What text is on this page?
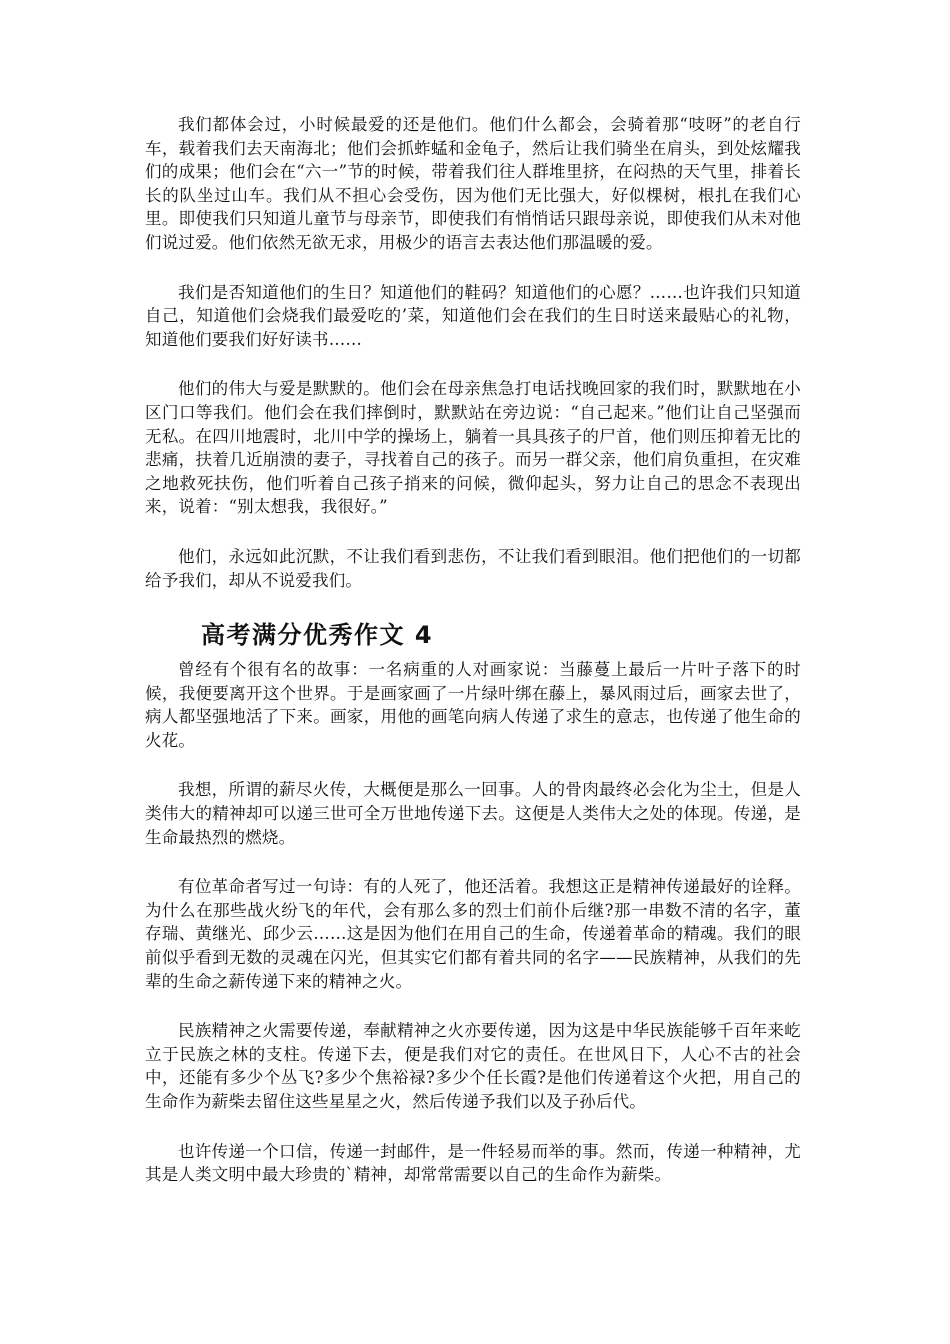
我们都体会过，小时候最爱的还是他们。他们什么都会，会骑着那“吱呀”的老自行车，载着我们去天南海北；他们会抓蚱蜢和金龟子，然后让我们骑坐在肩头，到处炫耀我们的成果；他们会在“六一”节的时候，带着我们往人群堆里挤，在闷热的天气里，排着长长的队坐过山车。我们从不担心会受伤，因为他们无比强大，好似棵树，根扎在我们心里。即使我们只知道儿童节与母亲节，即使我们有悄悄话只跟母亲说，即使我们从未对他们说过爱。他们依然无欲无求，用极少的语言去表达他们那温暖的爱。

我们是否知道他们的生日？知道他们的鞋码？知道他们的心愿？……也许我们只知道自己，知道他们会烧我们最爱吃的’菜，知道他们会在我们的生日时送来最贴心的礼物，知道他们要我们好好读书……

他们的伟大与爱是默默的。他们会在母亲焦急打电话找晚回家的我们时，默默地在小区门口等我们。他们会在我们摔倒时，默默站在旁边说：“自己起来。”他们让自己坚强而无私。在四川地震时，北川中学的操场上，躺着一具具孩子的尸首，他们则压抑着无比的悲痛，扶着几近崩溃的妻子，寻找着自己的孩子。而另一群父亲，他们肩负重担，在灾难之地救死扶伤，他们听着自己孩子捎来的问候，微仰起头，努力让自己的思念不表现出来，说着：“别太想我，我很好。”

他们，永远如此沉默，不让我们看到悲伤，不让我们看到眼泪。他们把他们的一切都给予我们，却从不说爱我们。

高考满分优秀作文 4

曾经有个很有名的故事：一名病重的人对画家说：当藤蔓上最后一片叶子落下的时候，我便要离开这个世界。于是画家画了一片绿叶绑在藤上，暴风雨过后，画家去世了，病人都坚强地活了下来。画家，用他的画笔向病人传递了求生的意志，也传递了他生命的火花。

我想，所谓的薪尽火传，大概便是那么一回事。人的骨肉最终必会化为尘土，但是人类伟大的精神却可以递三世可全万世地传递下去。这便是人类伟大之处的体现。传递，是生命最热烈的燃烧。

有位革命者写过一句诗：有的人死了，他还活着。我想这正是精神传递最好的诠释。为什么在那些战火纷飞的年代，会有那么多的烈士们前仆后继?那一串数不清的名字，董存瑞、黄继光、邱少云……这是因为他们在用自己的生命，传递着革命的精魂。我们的眼前似乎看到无数的灵魂在闪光，但其实它们都有着共同的名字——民族精神，从我们的先辈的生命之薪传递下来的精神之火。

民族精神之火需要传递，奉献精神之火亦要传递，因为这是中华民族能够千百年来屹立于民族之林的支柱。传递下去，便是我们对它的责任。在世风日下，人心不古的社会中，还能有多少个丛飞?多少个焦裕禄?多少个任长霞?是他们传递着这个火把，用自己的生命作为薪柴去留住这些星星之火，然后传递予我们以及子孙后代。

也许传递一个口信，传递一封邮件，是一件轻易而举的事。然而，传递一种精神，尤其是人类文明中最大珍贵的`精神，却常常需要以自己的生命作为薪柴。
